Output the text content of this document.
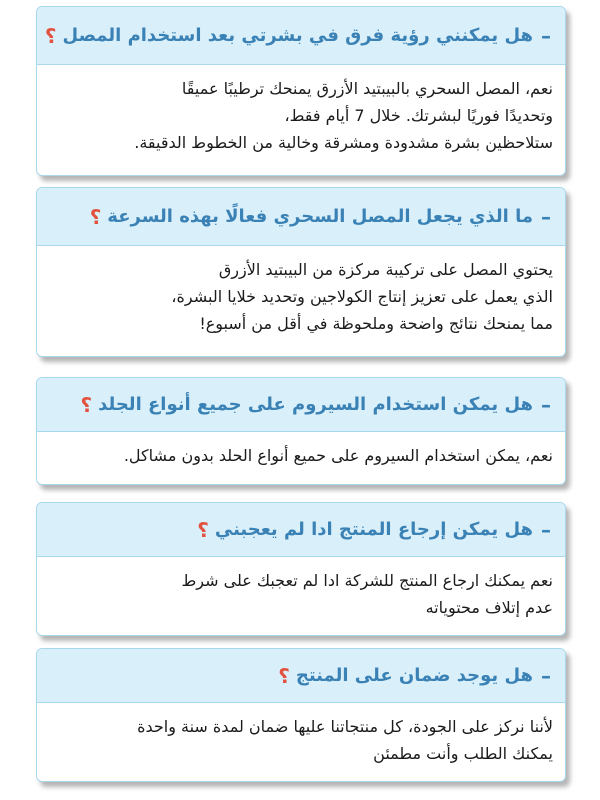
–
هل يمكنني رؤية فرق في بشرتي بعد استخدام المصل
؟
نعم، المصل السحري بالبيبتيد الأزرق يمنحك ترطيبًا عميقًا
وتحديدًا فوريًا لبشرتك. خلال 7 أيام فقط،
ستلاحظين بشرة مشدودة ومشرقة وخالية من الخطوط الدقيقة.
–
ما الذي يجعل المصل السحري فعالًا بهذه السرعة
؟
يحتوي المصل على تركيبة مركزة من البيبتيد الأزرق
الذي يعمل على تعزيز إنتاج الكولاجين وتحديد خلايا البشرة،
مما يمنحك نتائج واضحة وملحوظة في أقل من أسبوع!
–
هل يمكن استخدام السيروم على جميع أنواع الجلد
؟
نعم، يمكن استخدام السيروم على حميع أنواع الحلد بدون مشاكل.
–
هل يمكن إرجاع المنتج ادا لم يعجبني
؟
نعم يمكنك ارجاع المنتج للشركة ادا لم تعجبك على شرط
عدم إتلاف محتوياته
–
هل يوجد ضمان على المنتج
؟
لأننا نركز على الجودة، كل منتجاتنا عليها ضمان لمدة سنة واحدة
يمكنك الطلب وأنت مطمئن
